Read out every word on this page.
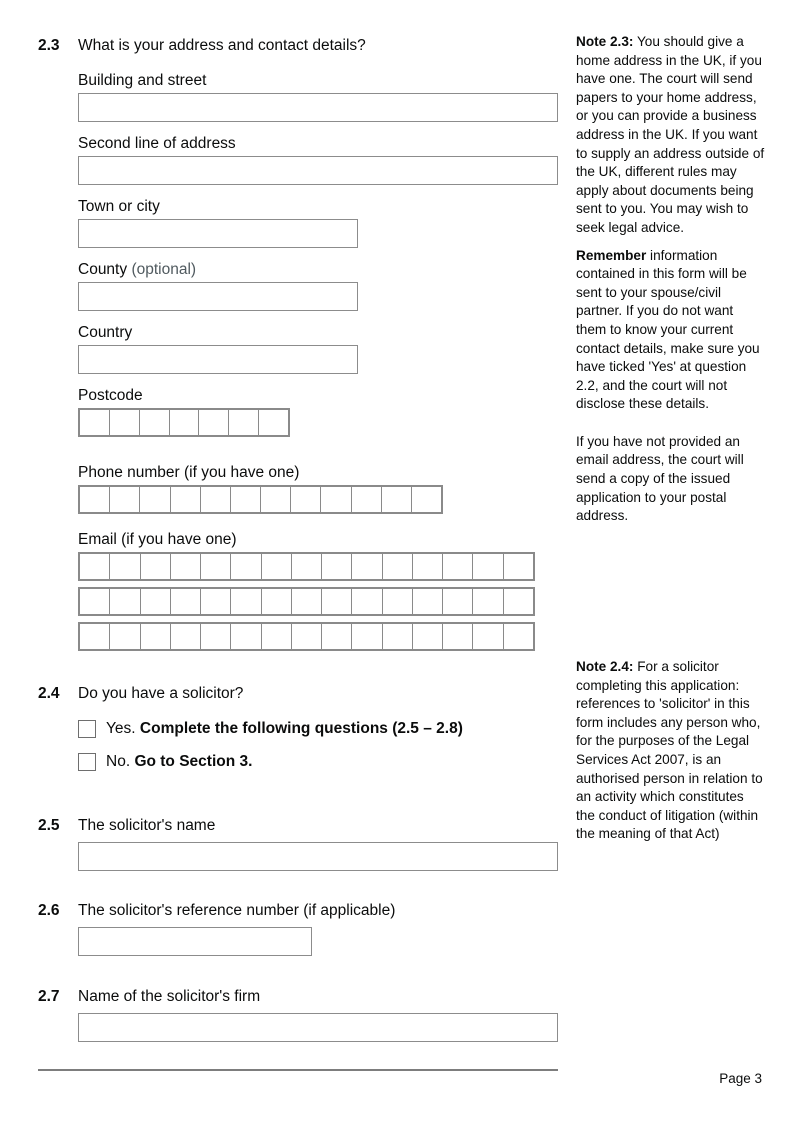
2.3	What is your address and contact details?
Building and street
Second line of address
Town or city
County (optional)
Country
Postcode
Phone number (if you have one)
Email (if you have one)
2.4	Do you have a solicitor?
Yes. Complete the following questions (2.5 – 2.8)
No. Go to Section 3.
2.5	The solicitor's name
2.6	The solicitor's reference number (if applicable)
2.7	Name of the solicitor's firm

Note 2.3: You should give a home address in the UK, if you have one. The court will send papers to your home address, or you can provide a business address in the UK. If you want to supply an address outside of the UK, different rules may apply about documents being sent to you. You may wish to seek legal advice.

Remember information contained in this form will be sent to your spouse/civil partner. If you do not want them to know your current contact details, make sure you have ticked 'Yes' at question 2.2, and the court will not disclose these details.

If you have not provided an email address, the court will send a copy of the issued application to your postal address.

Note 2.4: For a solicitor completing this application: references to 'solicitor' in this form includes any person who, for the purposes of the Legal Services Act 2007, is an authorised person in relation to an activity which constitutes the conduct of litigation (within the meaning of that Act)

Page 3
